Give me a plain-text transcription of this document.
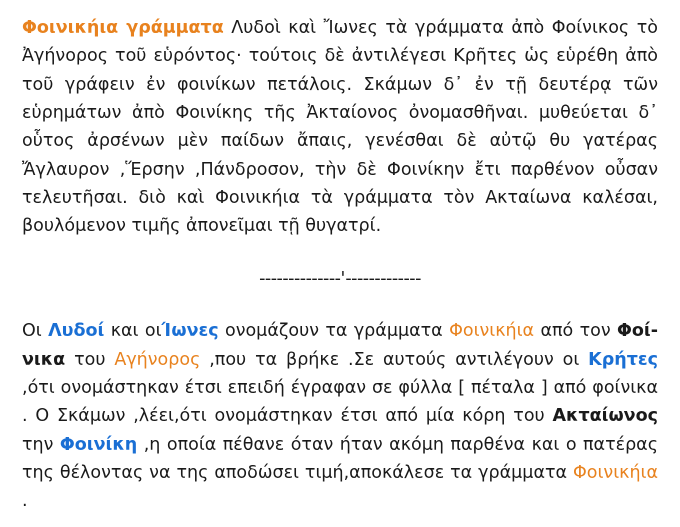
Φοινικήια γράμματα Λυδοὶ καὶ Ἴωνες τὰ γράμματα ἀπὸ Φοίνικος τὸ Ἀγήνορος τοῦ εὑρόντος· τούτοις δὲ ἀντιλέγεσι Κρῆτες ὡς εὑρέθη ἀπὸ τοῦ γράφειν ἐν φοινίκων πετάλοις. Σκάμων δ᾽ ἐν τῇ δευτέρᾳ τῶν εὑρημάτων ἀπὸ Φοινίκης τῆς Ἀκταίονος ὀνομασθῆναι. μυθεύεται δ᾽ οὗτος ἀρσένων μὲν παίδων ἄπαις, γενέσθαι δὲ αὐτῷ θυ γατέρας Ἄγλαυρον ,Ἕρσην ,Πάνδροσον, τὴν δὲ Φοινίκην ἔτι παρθένον οὖσαν τελευτῆσαι. διὸ καὶ Φοινικήια τὰ γράμματα τὸν Ακταίωνα καλέσαι, βουλόμενον τιμῆς ἀπονεῖμαι τῇ θυγατρί.

--------------'-------------

Οι Λυδοί και οιΊωνες ονομάζουν τα γράμματα Φοινικήια από τον Φοί-νικα του Αγήνορος ,που τα βρήκε .Σε αυτούς αντιλέγουν οι Κρήτες ,ότι ονομάστηκαν έτσι επειδή έγραφαν σε φύλλα [ πέταλα ] από φοίνικα . Ο Σκάμων ,λέει,ότι ονομάστηκαν έτσι από μία κόρη του Ακταίωνος την Φοινίκη ,η οποία πέθανε όταν ήταν ακόμη παρθένα και ο πατέρας της θέλοντας να της αποδώσει τιμή,αποκάλεσε τα γράμματα Φοινικήια .
